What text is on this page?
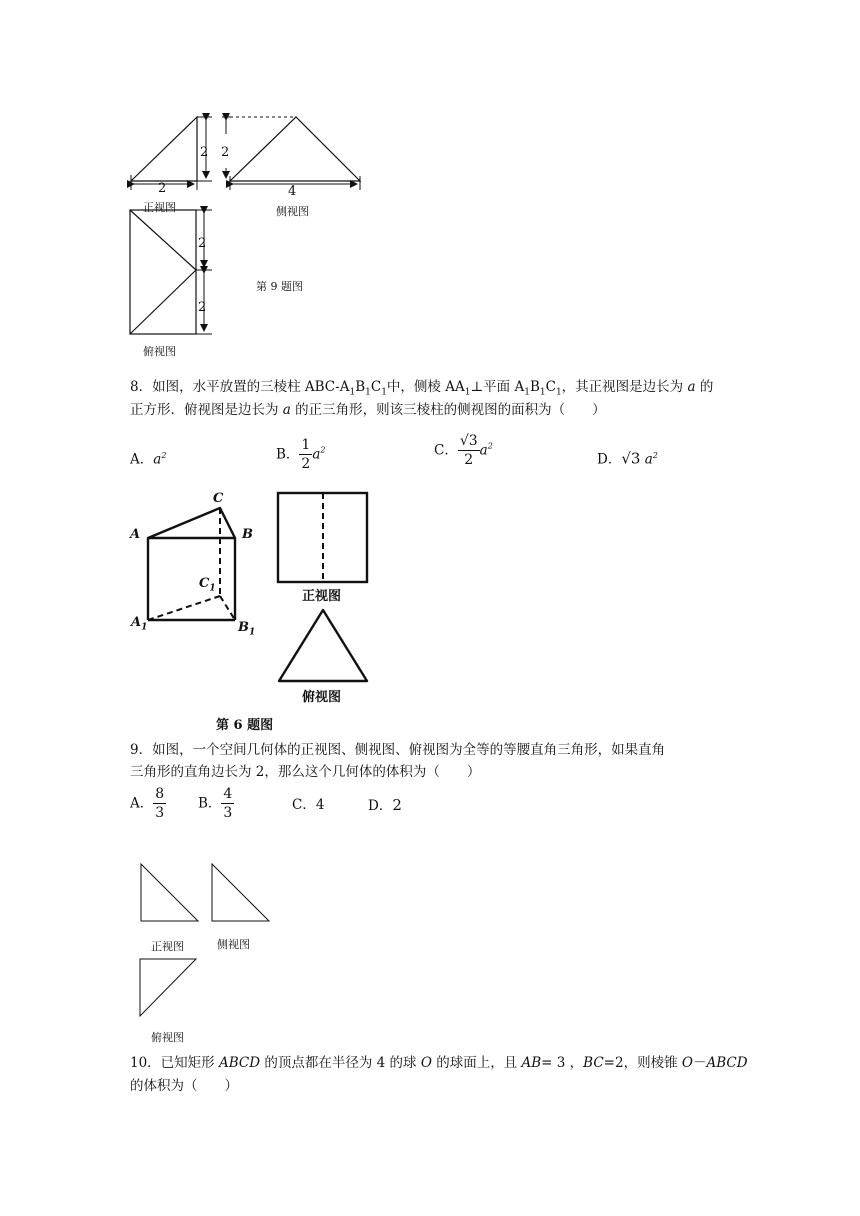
2
2 2
4
2
2
正视图	侧视图
俯视图
第 9 题图
8．如图，水平放置的三棱柱 ABC-$A_1B_1C_1$中，侧棱 $AA_1\perp$平面 $A_1B_1C_1$，其正视图是边长为 a 的
正方形．俯视图是边长为 a 的正三角形，则该三棱柱的侧视图的面积为（　　）
A．$a^2$	B． $\frac{1}{2} a^2$	C． $\frac{√3}{2} a^2$
D．√3 $a^2$
A	B
C
$A_1$	$B_1$
$C_1$
正视图
俯视图
第 6 题图
9．如图，一个空间几何体的正视图、侧视图、俯视图为全等的等腰直角三角形，如果直角
三角形的直角边长为 2，那么这个几何体的体积为（　　）
A． $\frac{8}{3}$ B． $\frac{4}{3}$	C．4	D．2
正视图	侧视图
俯视图
10．已知矩形 ABCD 的顶点都在半径为 4 的球 O 的球面上，且 AB= 3 ，BC=2，则棱锥 O－ABCD
的体积为（　　）
